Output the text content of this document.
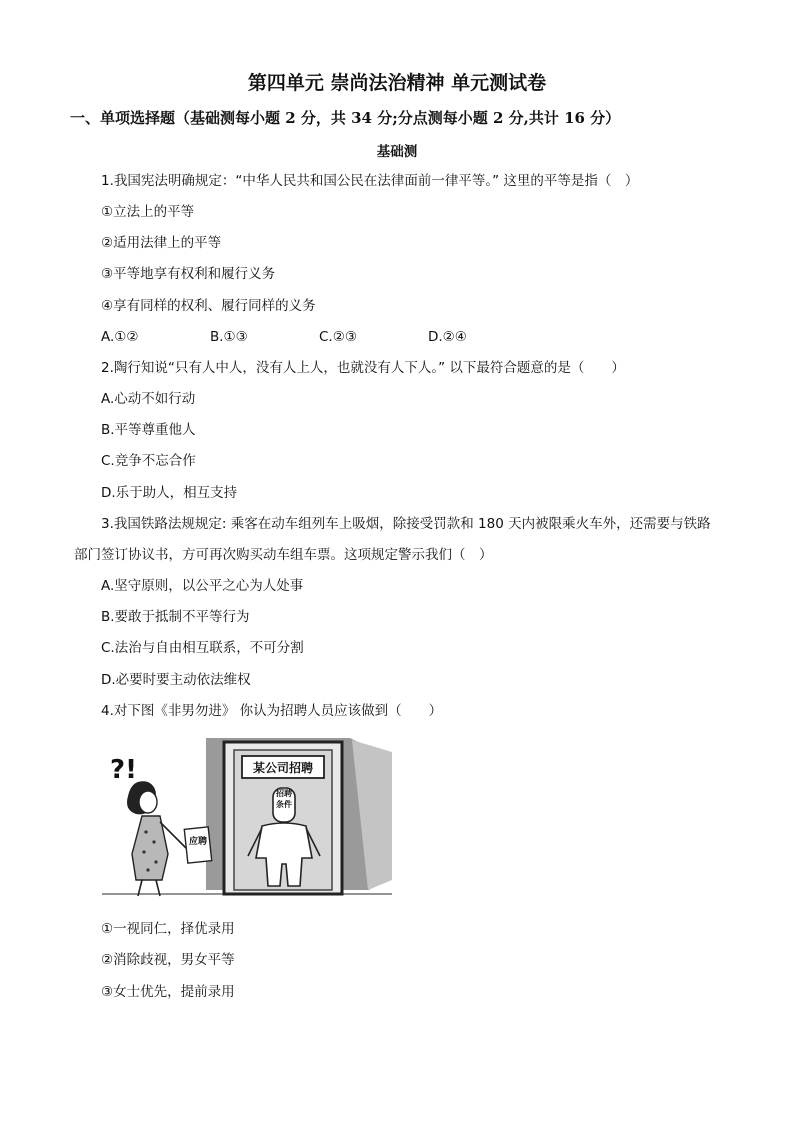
第四单元 崇尚法治精神 单元测试卷
一、单项选择题（基础测每小题 2 分，共 34 分;分点测每小题 2 分,共计 16 分）
基础测
1.我国宪法明确规定：“中华人民共和国公民在法律面前一律平等。” 这里的平等是指（　）
①立法上的平等
②适用法律上的平等
③平等地享有权利和履行义务
④享有同样的权利、履行同样的义务
A.①②	B.①③	C.②③	D.②④
2.陶行知说“只有人中人，没有人上人，也就没有人下人。” 以下最符合题意的是（　　）
A.心动不如行动
B.平等尊重他人
C.竞争不忘合作
D.乐于助人，相互支持
3.我国铁路法规规定: 乘客在动车组列车上吸烟，除接受罚款和 180 天内被限乘火车外，还需要与铁路
部门签订协议书，方可再次购买动车组车票。这项规定警示我们（　）
A.坚守原则，以公平之心为人处事
B.要敢于抵制不平等行为
C.法治与自由相互联系，不可分割
D.必要时要主动依法维权
4.对下图《非男勿进》 你认为招聘人员应该做到（　　）
某公司招聘
招聘条件
?!
应聘
①一视同仁，择优录用
②消除歧视，男女平等
③女士优先，提前录用
